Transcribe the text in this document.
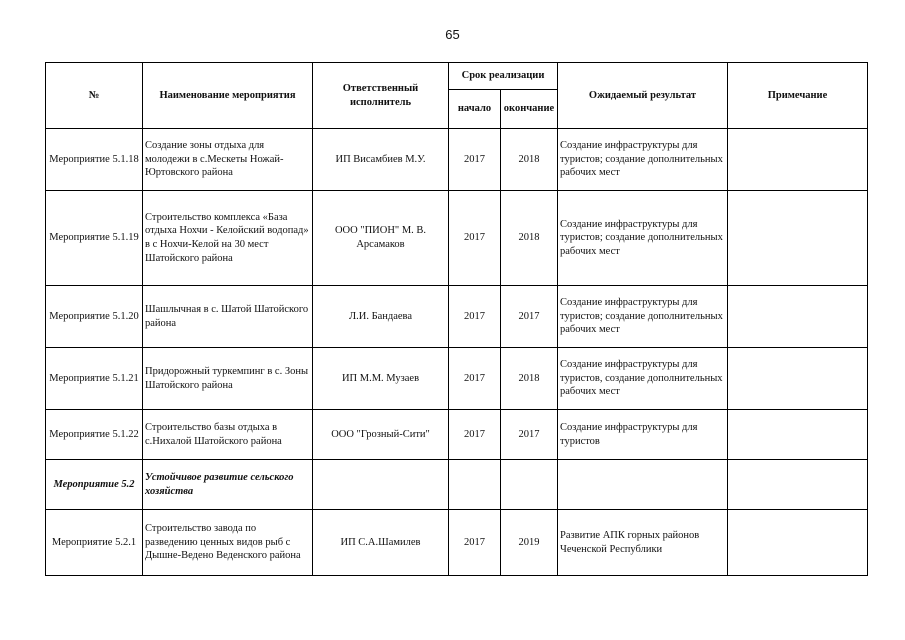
65
№	Наименование мероприятия	Ответственный исполнитель	Срок реализации		Ожидаемый результат	Примечание
			начало	окончание		
Мероприятие 5.1.18	Создание зоны отдыха для молодежи в с.Мескеты Ножай-Юртовского района	ИП Висамбиев М.У.	2017	2018	Создание инфраструктуры для туристов; создание дополнительных рабочих мест	
Мероприятие 5.1.19	Строительство комплекса «База отдыха Нохчи - Келойский водопад» в с Нохчи-Келой на 30 мест Шатойского района	ООО "ПИОН" М. В. Арсамаков	2017	2018	Создание инфраструктуры для туристов; создание дополнительных рабочих мест	
Мероприятие 5.1.20	Шашлычная в с. Шатой Шатойского района	Л.И. Бандаева	2017	2017	Создание инфраструктуры для туристов; создание дополнительных рабочих мест	
Мероприятие 5.1.21	Придорожный туркемпинг в с. Зоны Шатойского района	ИП М.М. Музаев	2017	2018	Создание инфраструктуры для туристов, создание дополнительных рабочих мест	
Мероприятие 5.1.22	Строительство базы отдыха в с.Нихалой Шатойского района	ООО "Грозный-Сити"	2017	2017	Создание инфраструктуры для туристов	
Мероприятие 5.2	Устойчивое развитие сельского хозяйства					
Мероприятие 5.2.1	Строительство завода по разведению ценных видов рыб с Дышне-Ведено Веденского района	ИП С.А.Шамилев	2017	2019	Развитие АПК горных районов Чеченской Республики	
